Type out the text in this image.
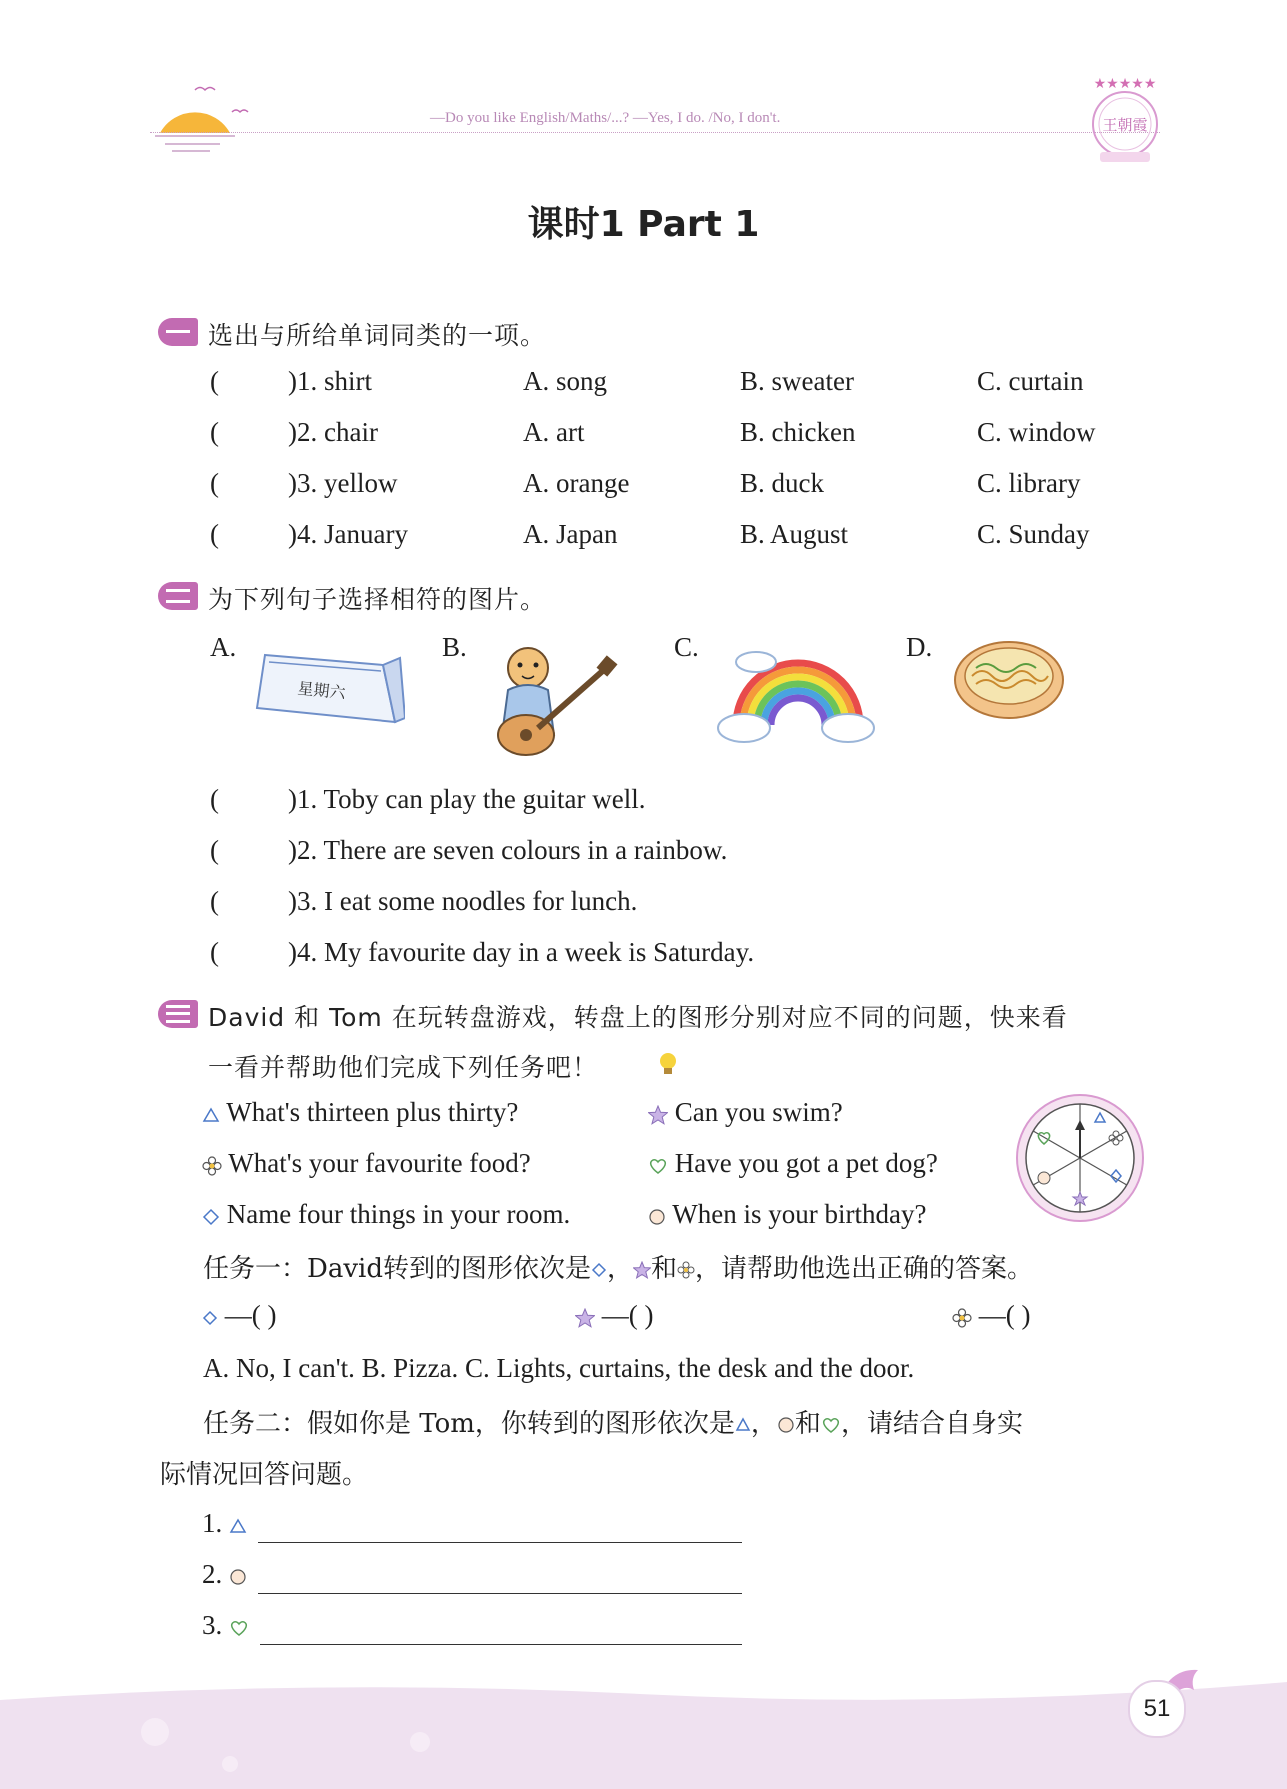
—Do you like English/Maths/...? —Yes, I do. /No, I don't.
★★★★★
王朝霞
课时1 Part 1
选出与所给单词同类的一项。
(	)1. shirt	A. song	B. sweater	C. curtain
(	)2. chair	A. art	B. chicken	C. window
(	)3. yellow	A. orange	B. duck	C. library
(	)4. January	A. Japan	B. August	C. Sunday
为下列句子选择相符的图片。
A.
星期六
B.	C.	D.
(	)1. Toby can play the guitar well.
(	)2. There are seven colours in a rainbow.
(	)3. I eat some noodles for lunch.
(	)4. My favourite day in a week is Saturday.
David 和 Tom 在玩转盘游戏，转盘上的图形分别对应不同的问题，快来看
一看并帮助他们完成下列任务吧！
What's thirteen plus thirty?	Can you swim?
What's your favourite food?	Have you got a pet dog?
Name four things in your room.	When is your birthday?
任务一：David转到的图形依次是 ， 和 ，请帮助他选出正确的答案。
—( )	—( )	—( )
A. No, I can't. B. Pizza. C. Lights, curtains, the desk and the door.
任务二：假如你是 Tom，你转到的图形依次是 ， 和 ，请结合自身实
际情况回答问题。
1.
2.
3.
51
